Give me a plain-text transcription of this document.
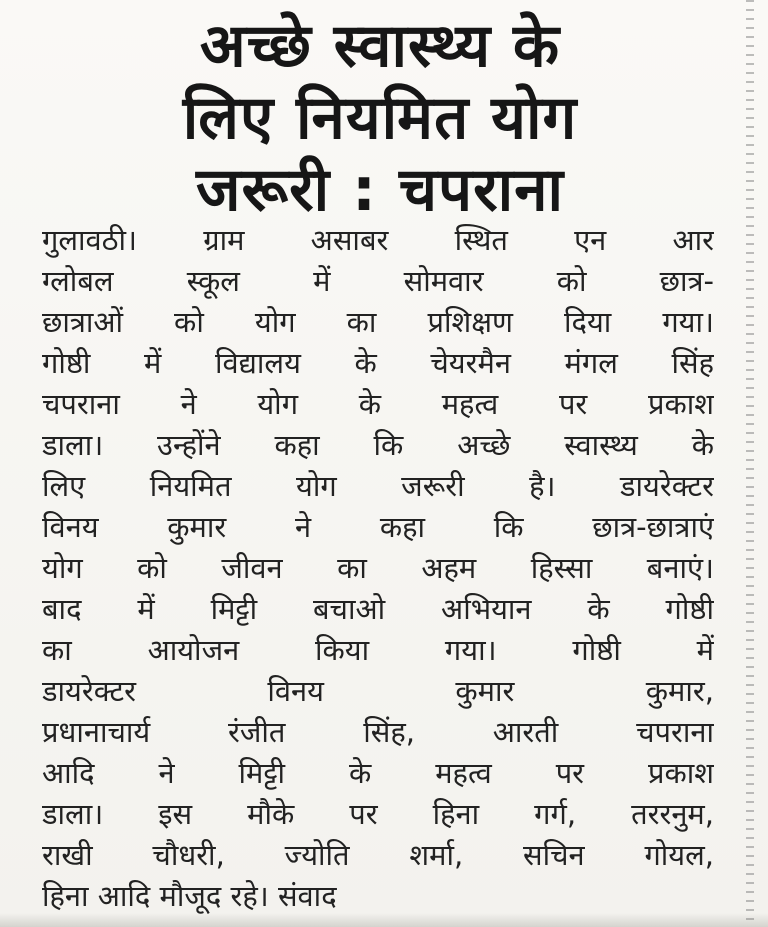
अच्छे स्वास्थ्य के
लिए नियमित योग
जरूरी : चपराना
गुलावठी। ग्राम असाबर स्थित एन आर
ग्लोबल स्कूल में सोमवार को छात्र-
छात्राओं को योग का प्रशिक्षण दिया गया।
गोष्ठी में विद्यालय के चेयरमैन मंगल सिंह
चपराना ने योग के महत्व पर प्रकाश
डाला। उन्होंने कहा कि अच्छे स्वास्थ्य के
लिए नियमित योग जरूरी है। डायरेक्टर
विनय कुमार ने कहा कि छात्र-छात्राएं
योग को जीवन का अहम हिस्सा बनाएं।
बाद में मिट्टी बचाओ अभियान के गोष्ठी
का आयोजन किया गया। गोष्ठी में
डायरेक्टर विनय कुमार कुमार,
प्रधानाचार्य रंजीत सिंह, आरती चपराना
आदि ने मिट्टी के महत्व पर प्रकाश
डाला। इस मौके पर हिना गर्ग, तररनुम,
राखी चौधरी, ज्योति शर्मा, सचिन गोयल,
हिना आदि मौजूद रहे। संवाद
